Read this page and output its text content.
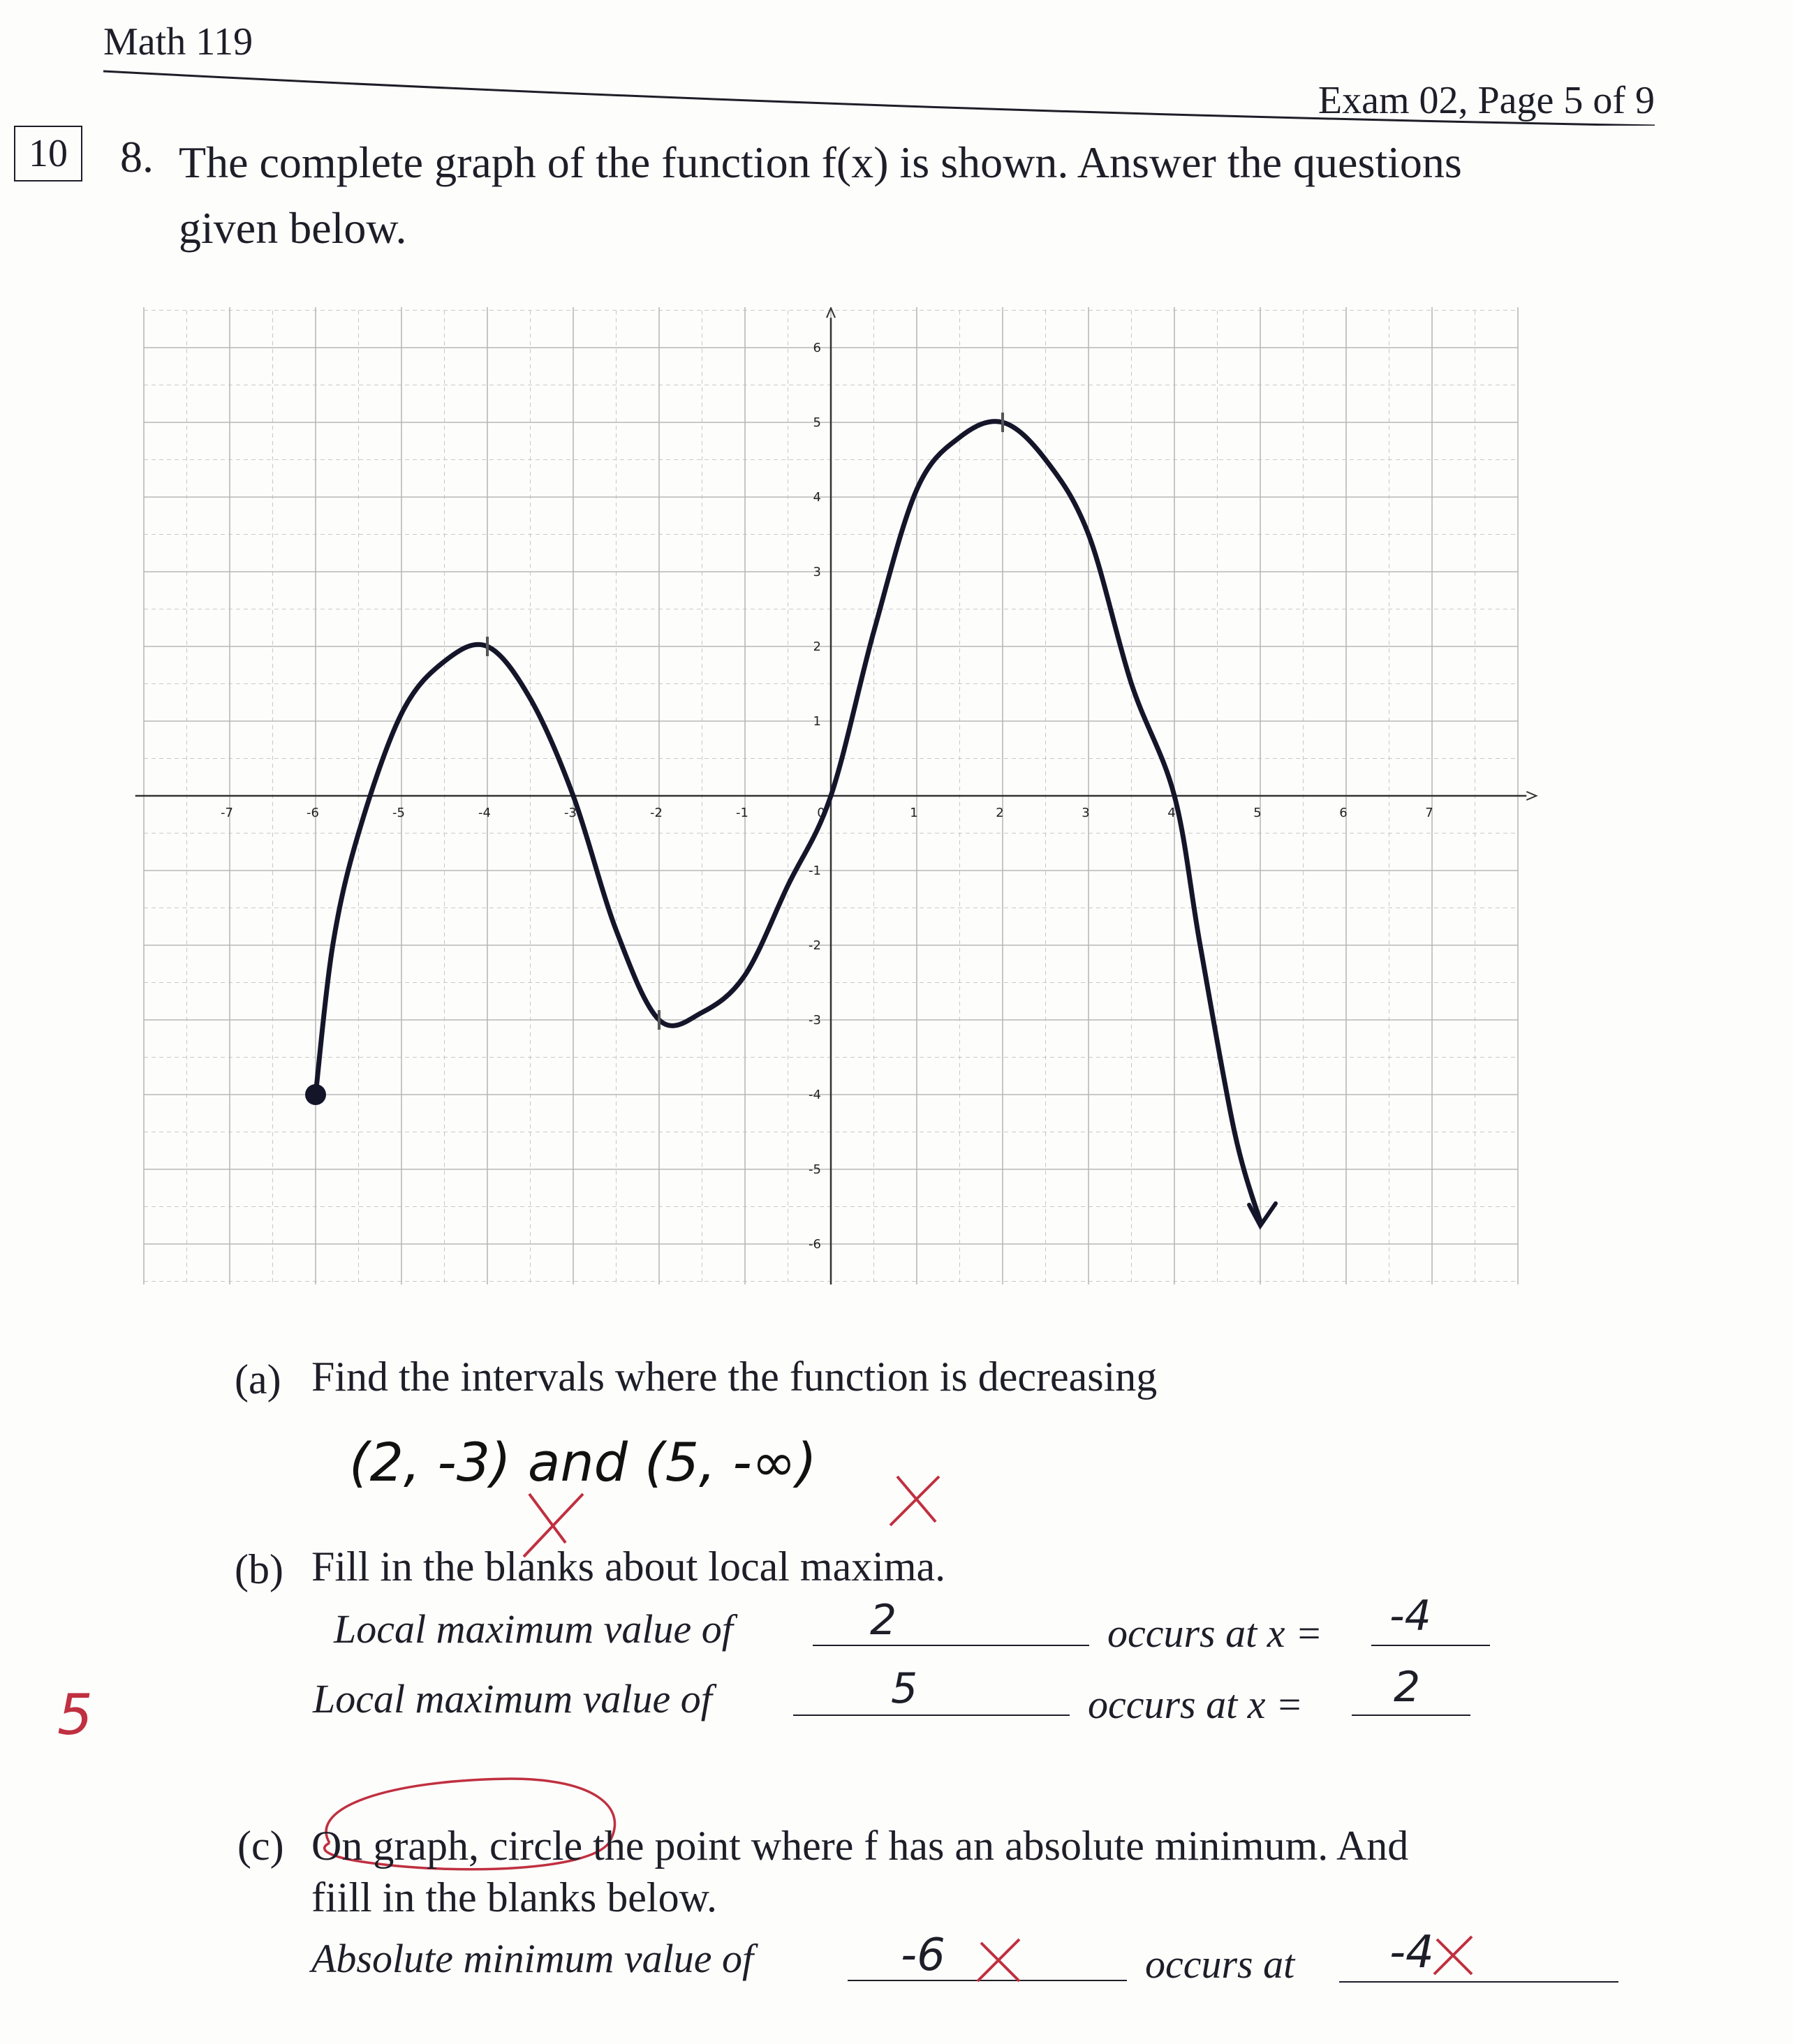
Math 119
Exam 02, Page 5 of 9
10	8. The complete graph of the function f(x) is shown. Answer the questions
given below.
-7	-6	-5	-4	-3	-2	-1	0	1	2	3	4	5	6	7
6
5
4
3
2
1
-1
-2
-3
-4
-5
-6
(a) Find the intervals where the function is decreasing
(2, -3) and (5, -∞)
(b) Fill in the blanks about local maxima.
Local maximum value of	2	occurs at x = -4
Local maximum value of	5	occurs at x = 2
5
(c) On graph, circle the point where f has an absolute minimum. And
fiill in the blanks below.
Absolute minimum value of	-6	occurs at -4
